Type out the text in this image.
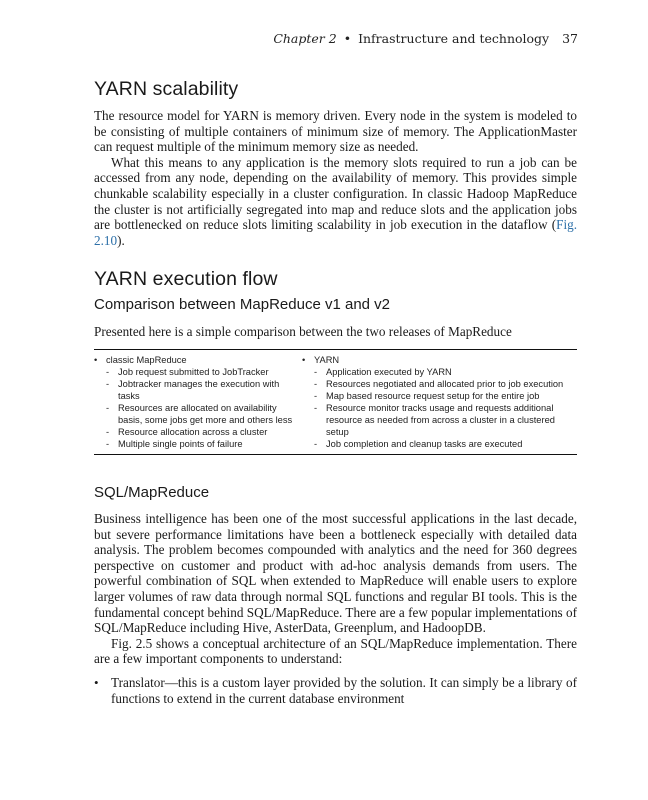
Chapter 2 • Infrastructure and technology 37
YARN scalability

The resource model for YARN is memory driven. Every node in the system is modeled to be consisting of multiple containers of minimum size of memory. The ApplicationMaster can request multiple of the minimum memory size as needed.

What this means to any application is the memory slots required to run a job can be accessed from any node, depending on the availability of memory. This provides simple chunkable scalability especially in a cluster configuration. In classic Hadoop MapReduce the cluster is not artificially segregated into map and reduce slots and the application jobs are bottlenecked on reduce slots limiting scalability in job execution in the dataflow (Fig. 2.10).

YARN execution flow
Comparison between MapReduce v1 and v2

Presented here is a simple comparison between the two releases of MapReduce

• classic MapReduce
- Job request submitted to JobTracker
- Jobtracker manages the execution with tasks
- Resources are allocated on availability basis, some jobs get more and others less
- Resource allocation across a cluster
- Multiple single points of failure
• YARN
- Application executed by YARN
- Resources negotiated and allocated prior to job execution
- Map based resource request setup for the entire job
- Resource monitor tracks usage and requests additional resource as needed from across a cluster in a clustered setup
- Job completion and cleanup tasks are executed
SQL/MapReduce

Business intelligence has been one of the most successful applications in the last decade, but severe performance limitations have been a bottleneck especially with detailed data analysis. The problem becomes compounded with analytics and the need for 360 degrees perspective on customer and product with ad-hoc analysis demands from users. The powerful combination of SQL when extended to MapReduce will enable users to explore larger volumes of raw data through normal SQL functions and regular BI tools. This is the fundamental concept behind SQL/MapReduce. There are a few popular implementations of SQL/MapReduce including Hive, AsterData, Greenplum, and HadoopDB.

Fig. 2.5 shows a conceptual architecture of an SQL/MapReduce implementation. There are a few important components to understand:

• Translator—this is a custom layer provided by the solution. It can simply be a library of functions to extend in the current database environment
